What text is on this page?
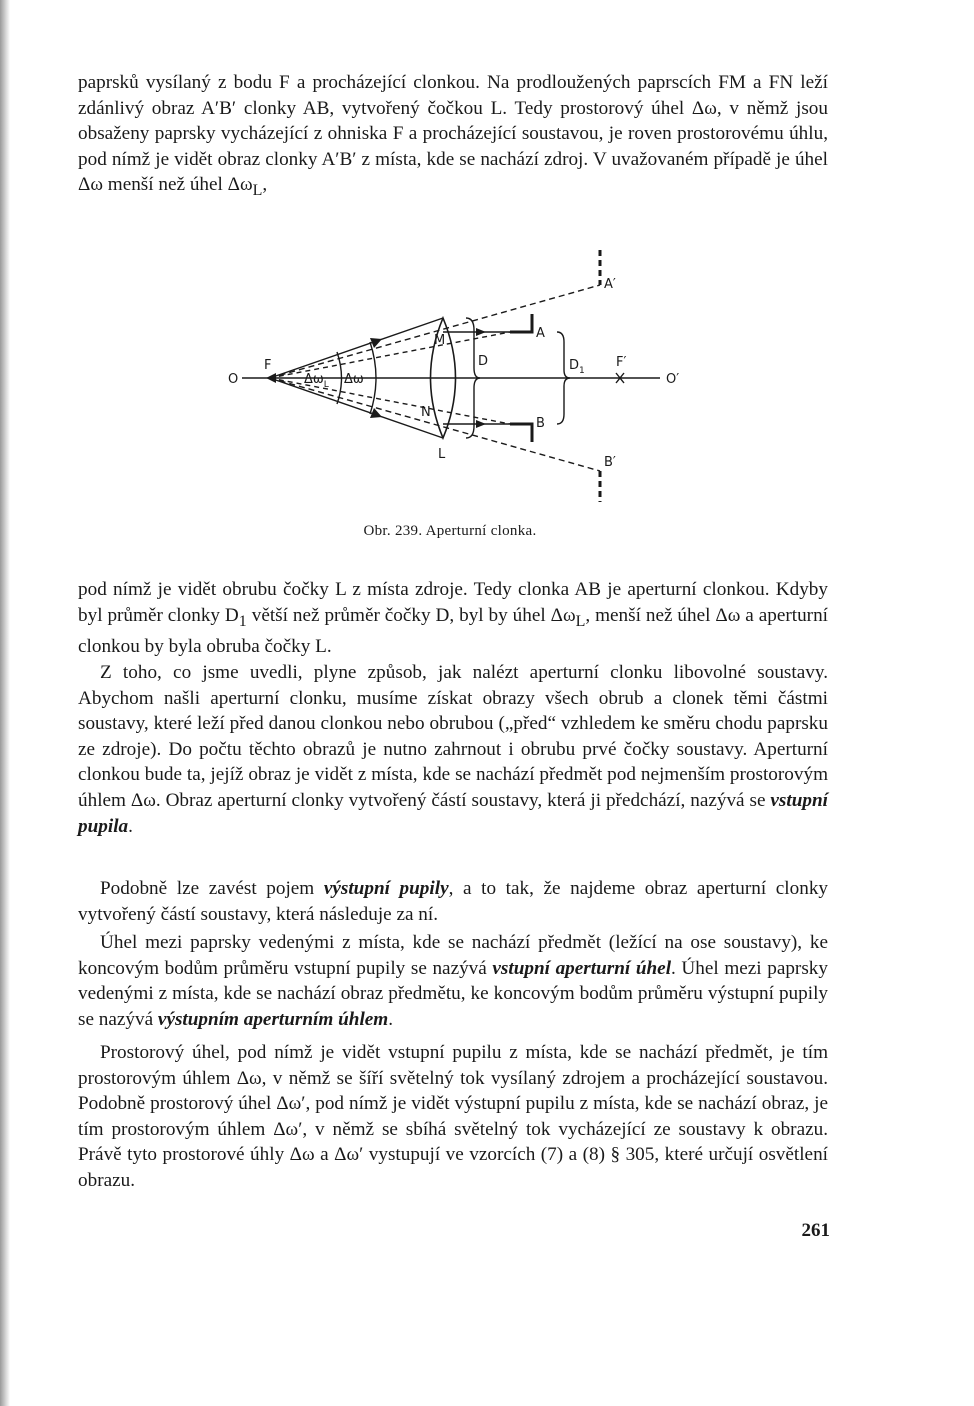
paprsků vysílaný z bodu F a procházející clonkou. Na prodloužených paprscích FM a FN leží zdánlivý obraz A′B′ clonky AB, vytvořený čočkou L. Tedy prostorový úhel Δω, v němž jsou obsaženy paprsky vycházející z ohniska F a procházející soustavou, je roven prostorovému úhlu, pod nímž je vidět obraz clonky A′B′ z místa, kde se nachází zdroj. V uvažovaném případě je úhel Δω menší než úhel $\Delta\omega_L$,

O
F
$\Delta\omega_L$ Δω
M
N
L
D
A
B
$D_1$
F′
O′
A′
B′
Obr. 239. Aperturní clonka.

pod nímž je vidět obrubu čočky L z místa zdroje. Tedy clonka AB je aperturní clonkou. Kdyby byl průměr clonky $D_1$ větší než průměr čočky D, byl by úhel $\Delta\omega_L$, menší než úhel Δω a aperturní clonkou by byla obruba čočky L.

Z toho, co jsme uvedli, plyne způsob, jak nalézt aperturní clonku libovolné soustavy. Abychom našli aperturní clonku, musíme získat obrazy všech obrub a clonek těmi částmi soustavy, které leží před danou clonkou nebo obrubou („před“ vzhledem ke směru chodu paprsku ze zdroje). Do počtu těchto obrazů je nutno zahrnout i obrubu prvé čočky soustavy. Aperturní clonkou bude ta, jejíž obraz je vidět z místa, kde se nachází předmět pod nejmenším prostorovým úhlem Δω. Obraz aperturní clonky vytvořený částí soustavy, která ji předchází, nazývá se vstupní pupila.

Podobně lze zavést pojem výstupní pupily, a to tak, že najdeme obraz aperturní clonky vytvořený částí soustavy, která následuje za ní.

Úhel mezi paprsky vedenými z místa, kde se nachází předmět (ležící na ose soustavy), ke koncovým bodům průměru vstupní pupily se nazývá vstupní aperturní úhel. Úhel mezi paprsky vedenými z místa, kde se nachází obraz předmětu, ke koncovým bodům průměru výstupní pupily se nazývá výstupním aperturním úhlem.

Prostorový úhel, pod nímž je vidět vstupní pupilu z místa, kde se nachází předmět, je tím prostorovým úhlem Δω, v němž se šíří světelný tok vysílaný zdrojem a procházející soustavou. Podobně prostorový úhel Δω′, pod nímž je vidět výstupní pupilu z místa, kde se nachází obraz, je tím prostorovým úhlem Δω′, v němž se sbíhá světelný tok vycházející ze soustavy k obrazu. Právě tyto prostorové úhly Δω a Δω′ vystupují ve vzorcích (7) a (8) § 305, které určují osvětlení obrazu.

261
